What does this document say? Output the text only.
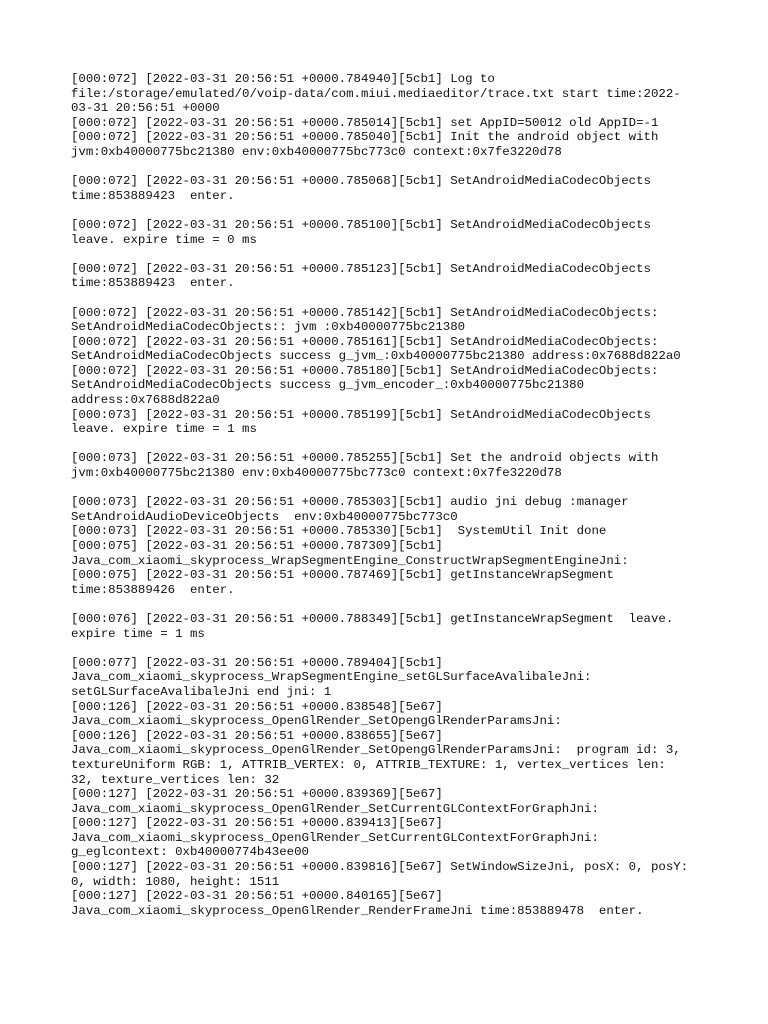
[000:072] [2022-03-31 20:56:51 +0000.784940][5cb1] Log to
file:/storage/emulated/0/voip-data/com.miui.mediaeditor/trace.txt start time:2022-
03-31 20:56:51 +0000
[000:072] [2022-03-31 20:56:51 +0000.785014][5cb1] set AppID=50012 old AppID=-1
[000:072] [2022-03-31 20:56:51 +0000.785040][5cb1] Init the android object with
jvm:0xb40000775bc21380 env:0xb40000775bc773c0 context:0x7fe3220d78
[000:072] [2022-03-31 20:56:51 +0000.785068][5cb1] SetAndroidMediaCodecObjects
time:853889423  enter.
[000:072] [2022-03-31 20:56:51 +0000.785100][5cb1] SetAndroidMediaCodecObjects
leave. expire time = 0 ms
[000:072] [2022-03-31 20:56:51 +0000.785123][5cb1] SetAndroidMediaCodecObjects
time:853889423  enter.
[000:072] [2022-03-31 20:56:51 +0000.785142][5cb1] SetAndroidMediaCodecObjects:
SetAndroidMediaCodecObjects:: jvm :0xb40000775bc21380
[000:072] [2022-03-31 20:56:51 +0000.785161][5cb1] SetAndroidMediaCodecObjects:
SetAndroidMediaCodecObjects success g_jvm_:0xb40000775bc21380 address:0x7688d822a0
[000:072] [2022-03-31 20:56:51 +0000.785180][5cb1] SetAndroidMediaCodecObjects:
SetAndroidMediaCodecObjects success g_jvm_encoder_:0xb40000775bc21380
address:0x7688d822a0
[000:073] [2022-03-31 20:56:51 +0000.785199][5cb1] SetAndroidMediaCodecObjects
leave. expire time = 1 ms
[000:073] [2022-03-31 20:56:51 +0000.785255][5cb1] Set the android objects with
jvm:0xb40000775bc21380 env:0xb40000775bc773c0 context:0x7fe3220d78
[000:073] [2022-03-31 20:56:51 +0000.785303][5cb1] audio jni debug :manager
SetAndroidAudioDeviceObjects  env:0xb40000775bc773c0
[000:073] [2022-03-31 20:56:51 +0000.785330][5cb1]  SystemUtil Init done
[000:075] [2022-03-31 20:56:51 +0000.787309][5cb1]
Java_com_xiaomi_skyprocess_WrapSegmentEngine_ConstructWrapSegmentEngineJni:
[000:075] [2022-03-31 20:56:51 +0000.787469][5cb1] getInstanceWrapSegment
time:853889426  enter.
[000:076] [2022-03-31 20:56:51 +0000.788349][5cb1] getInstanceWrapSegment  leave.
expire time = 1 ms
[000:077] [2022-03-31 20:56:51 +0000.789404][5cb1]
Java_com_xiaomi_skyprocess_WrapSegmentEngine_setGLSurfaceAvalibaleJni:
setGLSurfaceAvalibaleJni end jni: 1
[000:126] [2022-03-31 20:56:51 +0000.838548][5e67]
Java_com_xiaomi_skyprocess_OpenGlRender_SetOpengGlRenderParamsJni:
[000:126] [2022-03-31 20:56:51 +0000.838655][5e67]
Java_com_xiaomi_skyprocess_OpenGlRender_SetOpengGlRenderParamsJni:  program id: 3,
textureUniform RGB: 1, ATTRIB_VERTEX: 0, ATTRIB_TEXTURE: 1, vertex_vertices len:
32, texture_vertices len: 32
[000:127] [2022-03-31 20:56:51 +0000.839369][5e67]
Java_com_xiaomi_skyprocess_OpenGlRender_SetCurrentGLContextForGraphJni:
[000:127] [2022-03-31 20:56:51 +0000.839413][5e67]
Java_com_xiaomi_skyprocess_OpenGlRender_SetCurrentGLContextForGraphJni:
g_eglcontext: 0xb40000774b43ee00
[000:127] [2022-03-31 20:56:51 +0000.839816][5e67] SetWindowSizeJni, posX: 0, posY:
0, width: 1080, height: 1511
[000:127] [2022-03-31 20:56:51 +0000.840165][5e67]
Java_com_xiaomi_skyprocess_OpenGlRender_RenderFrameJni time:853889478  enter.
